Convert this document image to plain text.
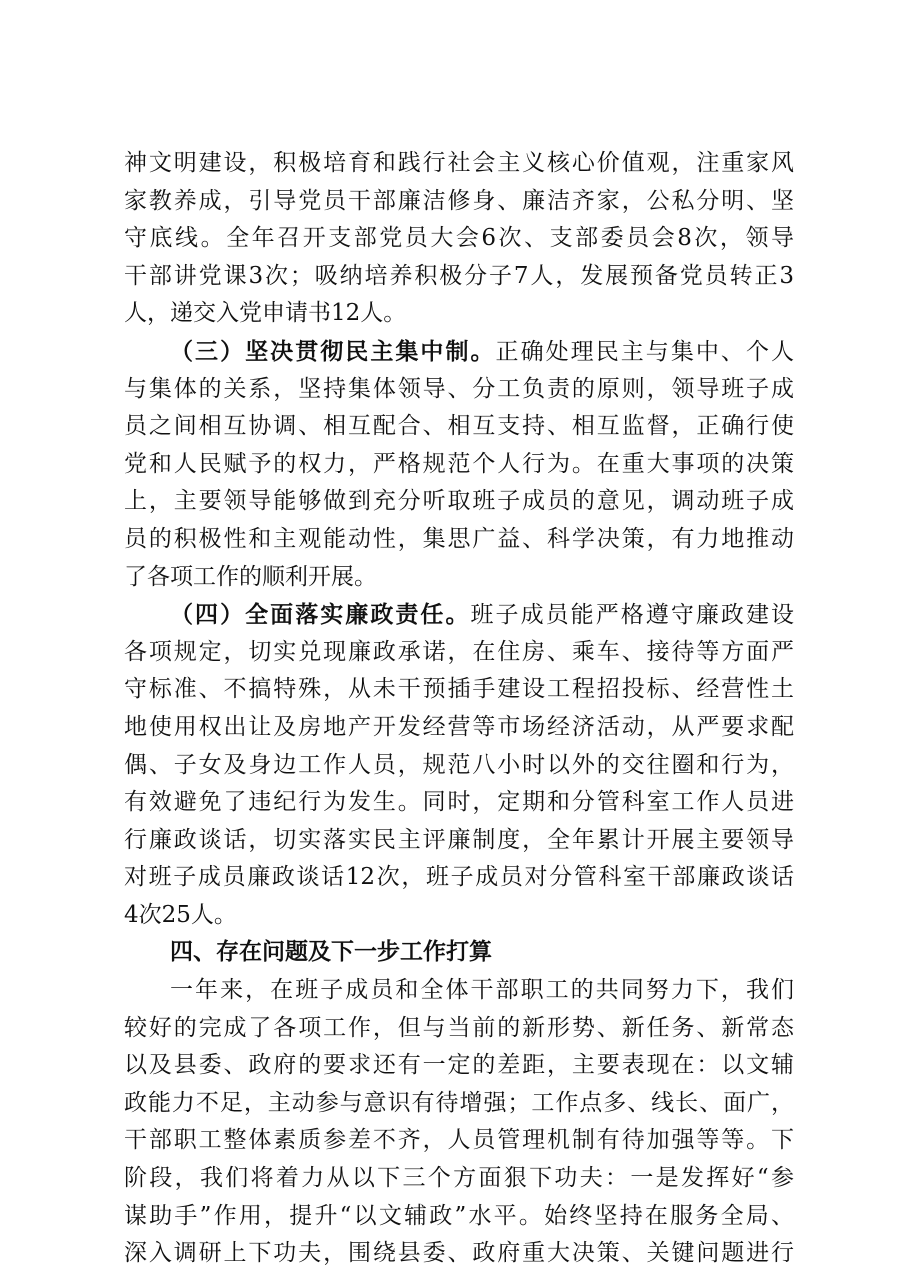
神文明建设，积极培育和践行社会主义核心价值观，注重家风
家教养成，引导党员干部廉洁修身、廉洁齐家，公私分明、坚
守底线。全年召开支部党员大会6次、支部委员会8次，领导
干部讲党课3次；吸纳培养积极分子7人，发展预备党员转正3
人，递交入党申请书12人。
（三）坚决贯彻民主集中制。正确处理民主与集中、个人
与集体的关系，坚持集体领导、分工负责的原则，领导班子成
员之间相互协调、相互配合、相互支持、相互监督，正确行使
党和人民赋予的权力，严格规范个人行为。在重大事项的决策
上，主要领导能够做到充分听取班子成员的意见，调动班子成
员的积极性和主观能动性，集思广益、科学决策，有力地推动
了各项工作的顺利开展。
（四）全面落实廉政责任。班子成员能严格遵守廉政建设
各项规定，切实兑现廉政承诺，在住房、乘车、接待等方面严
守标准、不搞特殊，从未干预插手建设工程招投标、经营性土
地使用权出让及房地产开发经营等市场经济活动，从严要求配
偶、子女及身边工作人员，规范八小时以外的交往圈和行为，
有效避免了违纪行为发生。同时，定期和分管科室工作人员进
行廉政谈话，切实落实民主评廉制度，全年累计开展主要领导
对班子成员廉政谈话12次，班子成员对分管科室干部廉政谈话
4次25人。
四、存在问题及下一步工作打算
一年来，在班子成员和全体干部职工的共同努力下，我们
较好的完成了各项工作，但与当前的新形势、新任务、新常态
以及县委、政府的要求还有一定的差距，主要表现在：以文辅
政能力不足，主动参与意识有待增强；工作点多、线长、面广，
干部职工整体素质参差不齐，人员管理机制有待加强等等。下
阶段，我们将着力从以下三个方面狠下功夫：一是发挥好“参
谋助手”作用，提升“以文辅政”水平。始终坚持在服务全局、
深入调研上下功夫，围绕县委、政府重大决策、关键问题进行
